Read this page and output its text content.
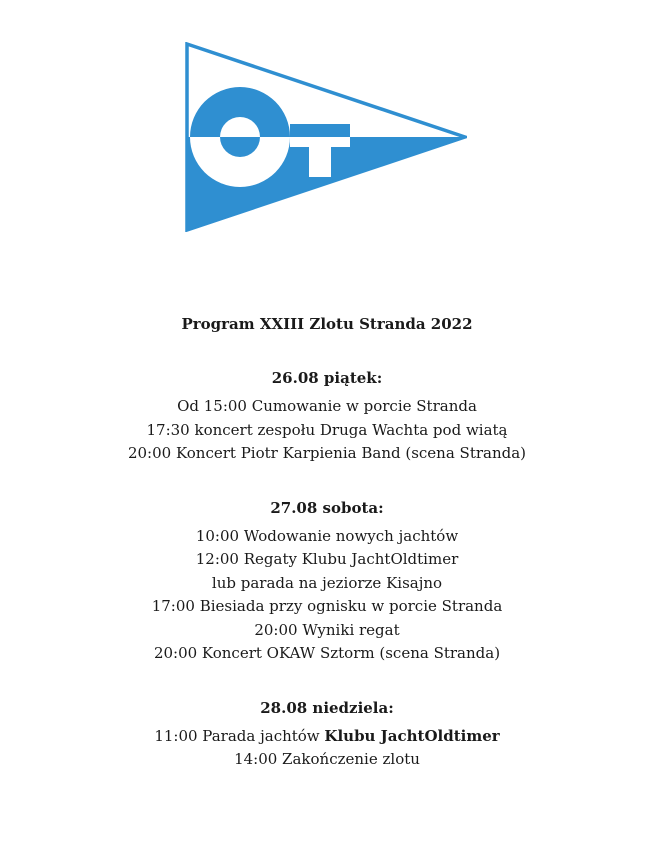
Program XXIII Zlotu Stranda 2022

26.08 piątek:

Od 15:00 Cumowanie w porcie Stranda

17:30 koncert zespołu Druga Wachta pod wiatą

20:00 Koncert Piotr Karpienia Band (scena Stranda)

27.08 sobota:

10:00 Wodowanie nowych jachtów

12:00 Regaty Klubu JachtOldtimer

lub parada na jeziorze Kisajno

17:00 Biesiada przy ognisku w porcie Stranda

20:00 Wyniki regat

20:00 Koncert OKAW Sztorm (scena Stranda)

28.08 niedziela:

11:00 Parada jachtów Klubu JachtOldtimer

14:00 Zakończenie zlotu
